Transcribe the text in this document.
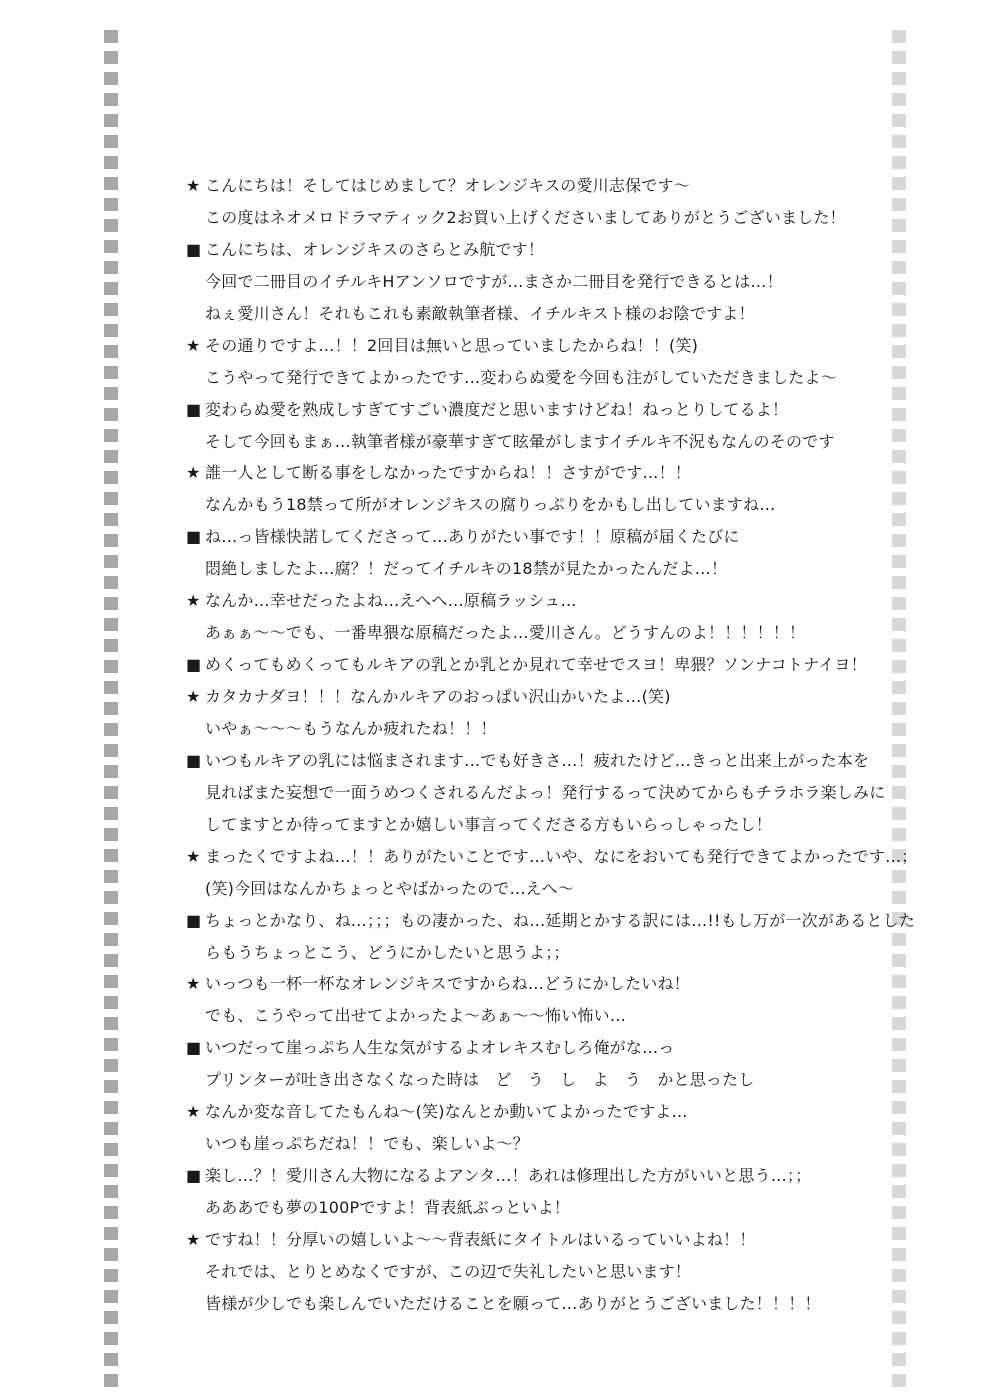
★ こんにちは！そしてはじめまして？オレンジキスの愛川志保です～
この度はネオメロドラマティック2お買い上げくださいましてありがとうございました！
■ こんにちは、オレンジキスのさらとみ航です！
今回で二冊目のイチルキHアンソロですが…まさか二冊目を発行できるとは…！
ねぇ愛川さん！それもこれも素敵執筆者様、イチルキスト様のお陰ですよ！
★ その通りですよ…！！2回目は無いと思っていましたからね！！(笑)
こうやって発行できてよかったです…変わらぬ愛を今回も注がしていただきましたよ～
■ 変わらぬ愛を熟成しすぎてすごい濃度だと思いますけどね！ねっとりしてるよ！
そして今回もまぁ…執筆者様が豪華すぎて眩暈がしますイチルキ不況もなんのそのです
★ 誰一人として断る事をしなかったですからね！！さすがです…！！
なんかもう18禁って所がオレンジキスの腐りっぷりをかもし出していますね…
■ ね…っ皆様快諾してくださって…ありがたい事です！！原稿が届くたびに
悶絶しましたよ…腐？！だってイチルキの18禁が見たかったんだよ…！
★ なんか…幸せだったよね…えへへ…原稿ラッシュ…
あぁぁ～～でも、一番卑猥な原稿だったよ…愛川さん。どうすんのよ！！！！！！
■ めくってもめくってもルキアの乳とか乳とか見れて幸せでスヨ！卑猥？ソンナコトナイヨ！
★ カタカナダヨ！！！なんかルキアのおっぱい沢山かいたよ…(笑)
いやぁ～～～もうなんか疲れたね！！！
■ いつもルキアの乳には悩まされます…でも好きさ…！疲れたけど…きっと出来上がった本を
見ればまた妄想で一面うめつくされるんだよっ！発行するって決めてからもチラホラ楽しみに
してますとか待ってますとか嬉しい事言ってくださる方もいらっしゃったし！
★ まったくですよね…！！ありがたいことです…いや、なにをおいても発行できてよかったです…；
(笑)今回はなんかちょっとやばかったので…えへ～
■ ちょっとかなり、ね…；；；もの凄かった、ね…延期とかする訳には…!!もし万が一次があるとした
らもうちょっとこう、どうにかしたいと思うよ；；
★ いっつも一杯一杯なオレンジキスですからね…どうにかしたいね！
でも、こうやって出せてよかったよ～あぁ～～怖い怖い…
■ いつだって崖っぷち人生な気がするよオレキスむしろ俺がな…っ
プリンターが吐き出さなくなった時は　ど　う　し　よ　う　かと思ったし
★ なんか変な音してたもんね～(笑)なんとか動いてよかったですよ…
いつも崖っぷちだね！！でも、楽しいよ～？
■ 楽し…？！愛川さん大物になるよアンタ…！あれは修理出した方がいいと思う…；；
あああでも夢の100Pですよ！背表紙ぶっといよ！
★ ですね！！分厚いの嬉しいよ～～背表紙にタイトルはいるっていいよね！！
それでは、とりとめなくですが、この辺で失礼したいと思います！
皆様が少しでも楽しんでいただけることを願って…ありがとうございました！！！！
